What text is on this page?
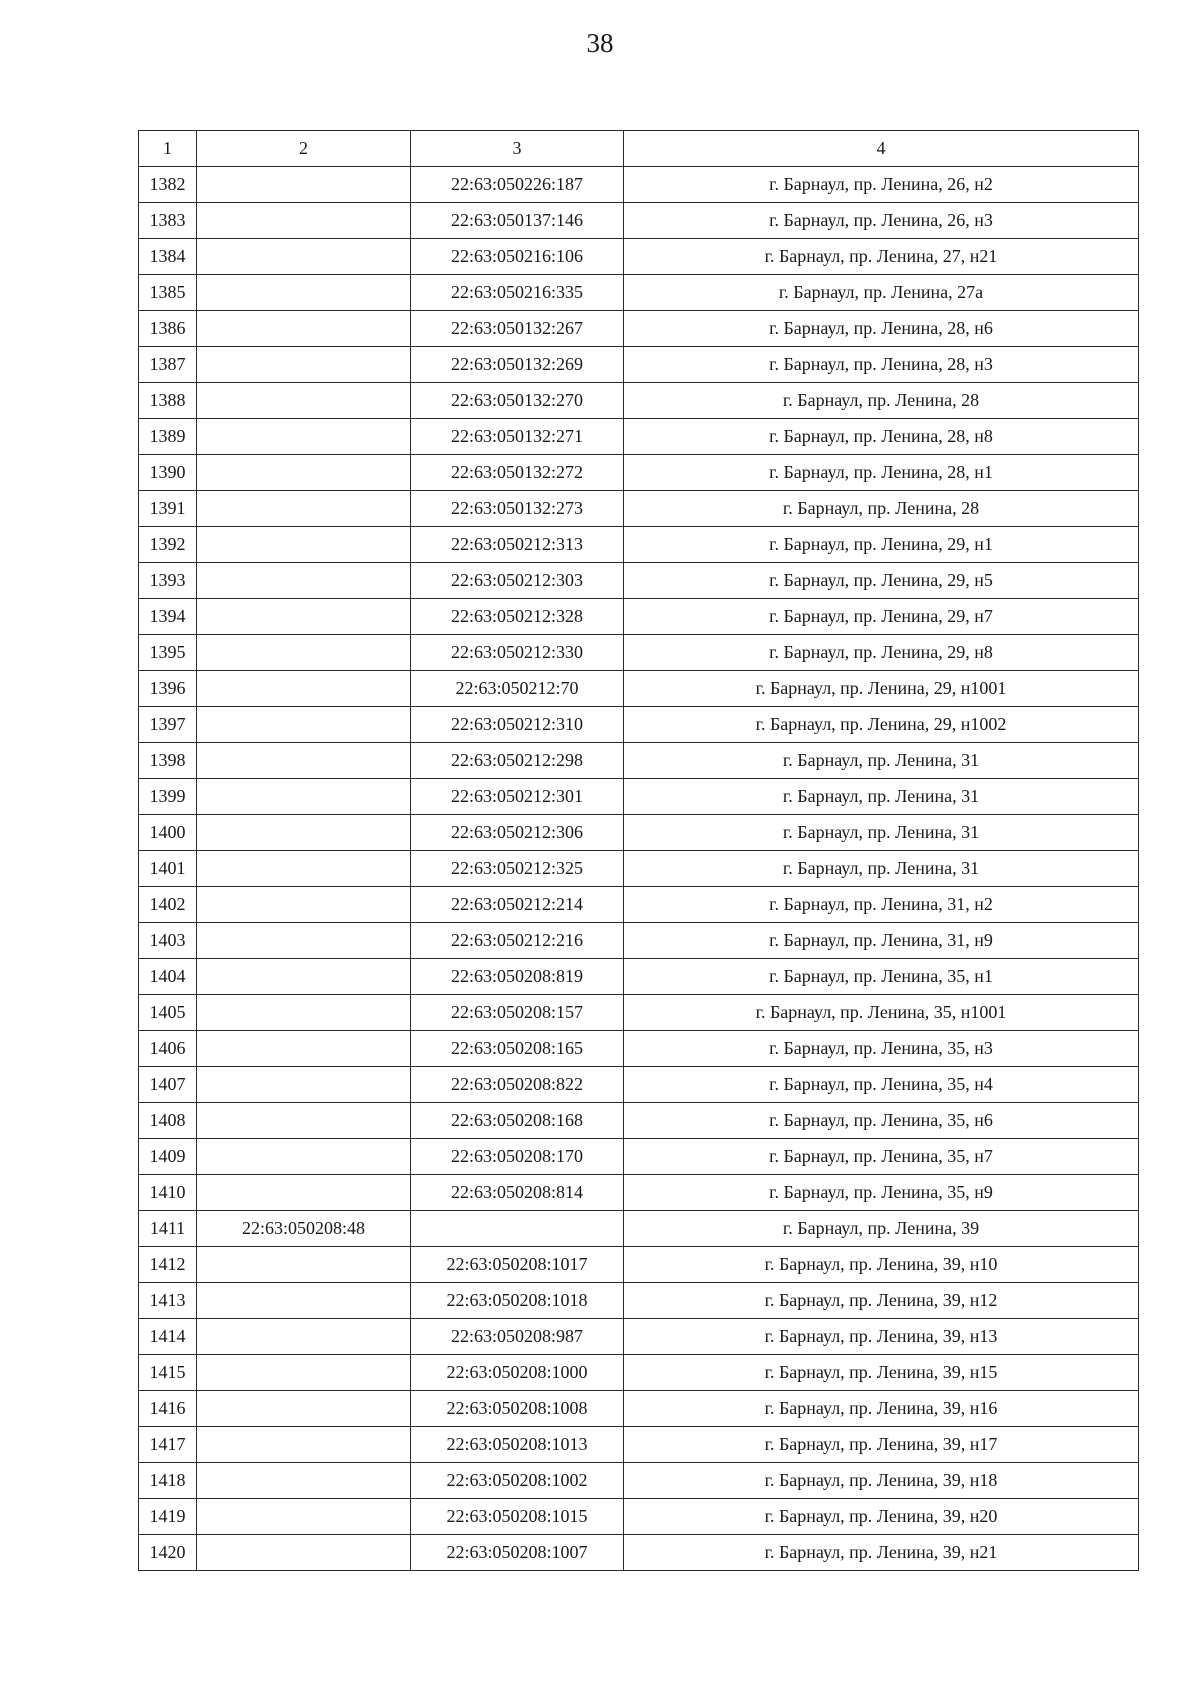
38
1	2	3	4
1382		22:63:050226:187	г. Барнаул, пр. Ленина, 26, н2
1383		22:63:050137:146	г. Барнаул, пр. Ленина, 26, н3
1384		22:63:050216:106	г. Барнаул, пр. Ленина, 27, н21
1385		22:63:050216:335	г. Барнаул, пр. Ленина, 27а
1386		22:63:050132:267	г. Барнаул, пр. Ленина, 28, н6
1387		22:63:050132:269	г. Барнаул, пр. Ленина, 28, н3
1388		22:63:050132:270	г. Барнаул, пр. Ленина, 28
1389		22:63:050132:271	г. Барнаул, пр. Ленина, 28, н8
1390		22:63:050132:272	г. Барнаул, пр. Ленина, 28, н1
1391		22:63:050132:273	г. Барнаул, пр. Ленина, 28
1392		22:63:050212:313	г. Барнаул, пр. Ленина, 29, н1
1393		22:63:050212:303	г. Барнаул, пр. Ленина, 29, н5
1394		22:63:050212:328	г. Барнаул, пр. Ленина, 29, н7
1395		22:63:050212:330	г. Барнаул, пр. Ленина, 29, н8
1396		22:63:050212:70	г. Барнаул, пр. Ленина, 29, н1001
1397		22:63:050212:310	г. Барнаул, пр. Ленина, 29, н1002
1398		22:63:050212:298	г. Барнаул, пр. Ленина, 31
1399		22:63:050212:301	г. Барнаул, пр. Ленина, 31
1400		22:63:050212:306	г. Барнаул, пр. Ленина, 31
1401		22:63:050212:325	г. Барнаул, пр. Ленина, 31
1402		22:63:050212:214	г. Барнаул, пр. Ленина, 31, н2
1403		22:63:050212:216	г. Барнаул, пр. Ленина, 31, н9
1404		22:63:050208:819	г. Барнаул, пр. Ленина, 35, н1
1405		22:63:050208:157	г. Барнаул, пр. Ленина, 35, н1001
1406		22:63:050208:165	г. Барнаул, пр. Ленина, 35, н3
1407		22:63:050208:822	г. Барнаул, пр. Ленина, 35, н4
1408		22:63:050208:168	г. Барнаул, пр. Ленина, 35, н6
1409		22:63:050208:170	г. Барнаул, пр. Ленина, 35, н7
1410		22:63:050208:814	г. Барнаул, пр. Ленина, 35, н9
1411	22:63:050208:48		г. Барнаул, пр. Ленина, 39
1412		22:63:050208:1017	г. Барнаул, пр. Ленина, 39, н10
1413		22:63:050208:1018	г. Барнаул, пр. Ленина, 39, н12
1414		22:63:050208:987	г. Барнаул, пр. Ленина, 39, н13
1415		22:63:050208:1000	г. Барнаул, пр. Ленина, 39, н15
1416		22:63:050208:1008	г. Барнаул, пр. Ленина, 39, н16
1417		22:63:050208:1013	г. Барнаул, пр. Ленина, 39, н17
1418		22:63:050208:1002	г. Барнаул, пр. Ленина, 39, н18
1419		22:63:050208:1015	г. Барнаул, пр. Ленина, 39, н20
1420		22:63:050208:1007	г. Барнаул, пр. Ленина, 39, н21
